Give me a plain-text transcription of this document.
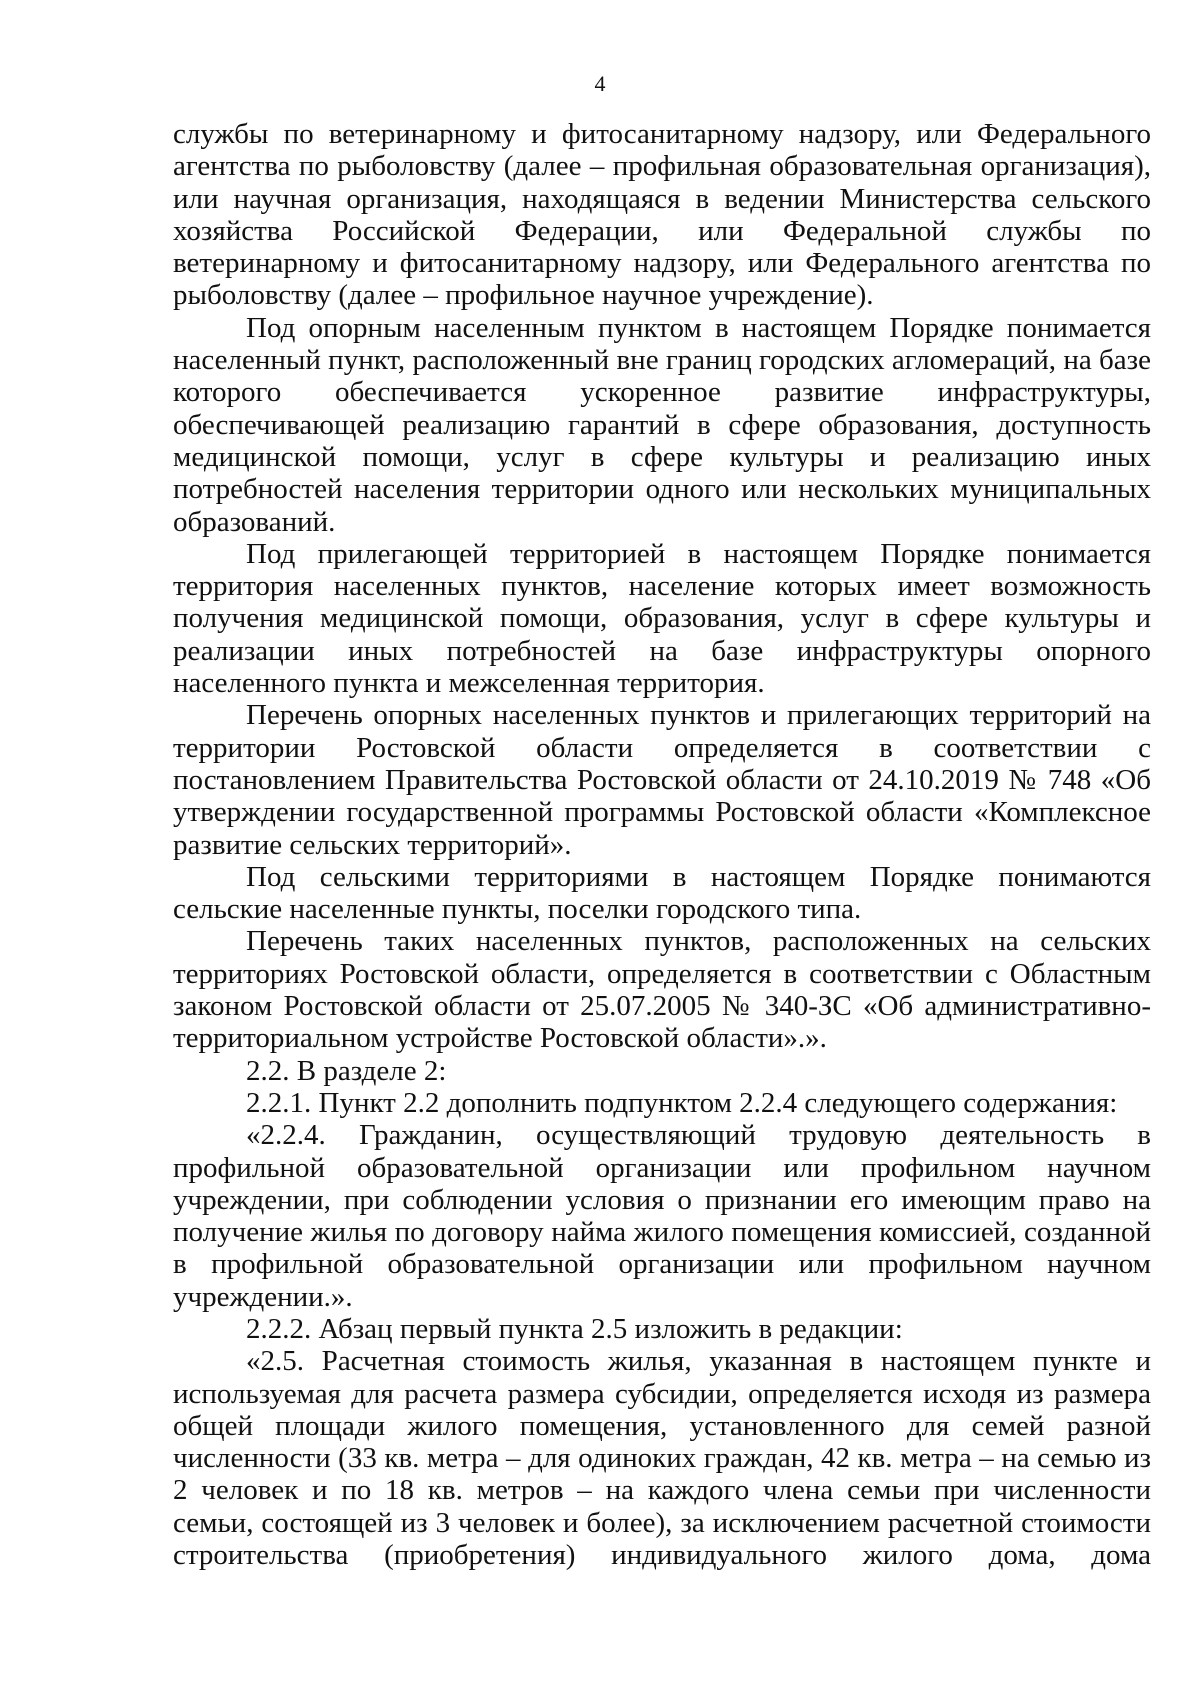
4

службы по ветеринарному и фитосанитарному надзору, или Федерального агентства по рыболовству (далее – профильная образовательная организация), или научная организация, находящаяся в ведении Министерства сельского хозяйства Российской Федерации, или Федеральной службы по ветеринарному и фитосанитарному надзору, или Федерального агентства по рыболовству (далее – профильное научное учреждение).

Под опорным населенным пунктом в настоящем Порядке понимается населенный пункт, расположенный вне границ городских агломераций, на базе которого обеспечивается ускоренное развитие инфраструктуры, обеспечивающей реализацию гарантий в сфере образования, доступность медицинской помощи, услуг в сфере культуры и реализацию иных потребностей населения территории одного или нескольких муниципальных образований.

Под прилегающей территорией в настоящем Порядке понимается территория населенных пунктов, население которых имеет возможность получения медицинской помощи, образования, услуг в сфере культуры и реализации иных потребностей на базе инфраструктуры опорного населенного пункта и межселенная территория.

Перечень опорных населенных пунктов и прилегающих территорий на территории Ростовской области определяется в соответствии с постановлением Правительства Ростовской области от 24.10.2019 № 748 «Об утверждении государственной программы Ростовской области «Комплексное развитие сельских территорий».

Под сельскими территориями в настоящем Порядке понимаются сельские населенные пункты, поселки городского типа.

Перечень таких населенных пунктов, расположенных на сельских территориях Ростовской области, определяется в соответствии с Областным законом Ростовской области от 25.07.2005 № 340-ЗС «Об административно-территориальном устройстве Ростовской области».».

2.2. В разделе 2:

2.2.1. Пункт 2.2 дополнить подпунктом 2.2.4 следующего содержания:

«2.2.4. Гражданин, осуществляющий трудовую деятельность в профильной образовательной организации или профильном научном учреждении, при соблюдении условия о признании его имеющим право на получение жилья по договору найма жилого помещения комиссией, созданной в профильной образовательной организации или профильном научном учреждении.».

2.2.2. Абзац первый пункта 2.5 изложить в редакции:

«2.5. Расчетная стоимость жилья, указанная в настоящем пункте и используемая для расчета размера субсидии, определяется исходя из размера общей площади жилого помещения, установленного для семей разной численности (33 кв. метра – для одиноких граждан, 42 кв. метра – на семью из 2 человек и по 18 кв. метров – на каждого члена семьи при численности семьи, состоящей из 3 человек и более), за исключением расчетной стоимости строительства (приобретения) индивидуального жилого дома, дома
